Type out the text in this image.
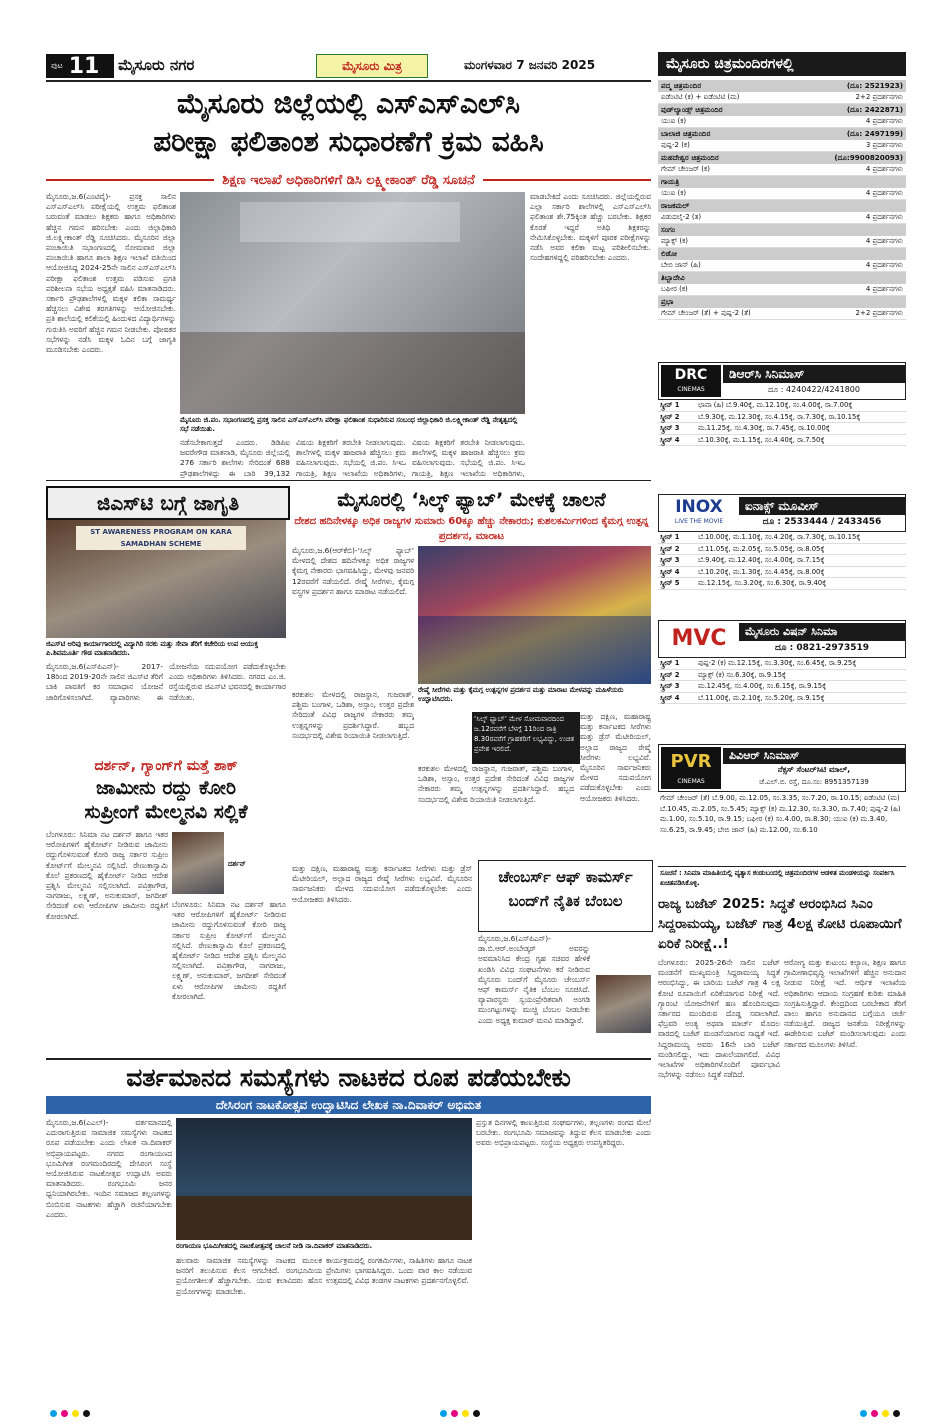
ಪುಟ 11 ಮೈಸೂರು ನಗರ	ಮೈಸೂರು ಮಿತ್ರ	ಮಂಗಳವಾರ 7 ಜನವರಿ 2025
ಮೈಸೂರು ಜಿಲ್ಲೆಯಲ್ಲಿ ಎಸ್‌ಎಸ್‌ಎಲ್‌ಸಿ
ಪರೀಕ್ಷಾ ಫಲಿತಾಂಶ ಸುಧಾರಣೆಗೆ ಕ್ರಮ ವಹಿಸಿ
ಶಿಕ್ಷಣ ಇಲಾಖೆ ಅಧಿಕಾರಿಗಳಿಗೆ ಡಿಸಿ ಲಕ್ಷ್ಮೀಕಾಂತ್ ರೆಡ್ಡಿ ಸೂಚನೆ
ಮೈಸೂರು,ಜ.6(ಎಂಟಿವೈ)- ಪ್ರಸಕ್ತ ಸಾಲಿನ ಎಸ್‌ಎಸ್‌ಎಲ್‌ಸಿ ಪರೀಕ್ಷೆಯಲ್ಲಿ ಉತ್ತಮ ಫಲಿತಾಂಶ ಬರುವಂತೆ ಮಾಡಲು ಶಿಕ್ಷಕರು ಹಾಗೂ ಅಧಿಕಾರಿಗಳು ಹೆಚ್ಚಿನ ಗಮನ ಹರಿಸಬೇಕು ಎಂದು ಜಿಲ್ಲಾಧಿಕಾರಿ ಜಿ.ಲಕ್ಷ್ಮೀಕಾಂತ್ ರೆಡ್ಡಿ ಸೂಚಿಸಿದರು. ಮೈಸೂರಿನ ಜಿಲ್ಲಾ ಪಂಚಾಯಿತಿ ಸಭಾಂಗಣದಲ್ಲಿ ಸೋಮವಾರ ಜಿಲ್ಲಾ ಪಂಚಾಯಿತಿ ಹಾಗೂ ಶಾಲಾ ಶಿಕ್ಷಣ ಇಲಾಖೆ ವತಿಯಿಂದ ಆಯೋಜಿಸಿದ್ದ 2024-25ನೇ ಸಾಲಿನ ಎಸ್‌ಎಸ್‌ಎಲ್‌ಸಿ ಪರೀಕ್ಷಾ ಫಲಿತಾಂಶ ಉತ್ತಮ ಪಡಿಸುವ ಪ್ರಗತಿ ಪರಿಶೀಲನಾ ಸಭೆಯ ಅಧ್ಯಕ್ಷತೆ ವಹಿಸಿ ಮಾತನಾಡಿದರು. ಸರ್ಕಾರಿ ಪ್ರೌಢಶಾಲೆಗಳಲ್ಲಿ ಮಕ್ಕಳ ಕಲಿಕಾ ಸಾಮರ್ಥ್ಯ ಹೆಚ್ಚಿಸಲು ವಿಶೇಷ ತರಗತಿಗಳನ್ನು ಆಯೋಜಿಸಬೇಕು. ಪ್ರತಿ ಶಾಲೆಯಲ್ಲಿ ಕಲಿಕೆಯಲ್ಲಿ ಹಿಂದುಳಿದ ವಿದ್ಯಾರ್ಥಿಗಳನ್ನು ಗುರುತಿಸಿ ಅವರಿಗೆ ಹೆಚ್ಚಿನ ಗಮನ ನೀಡಬೇಕು. ಪೋಷಕರ ಸಭೆಗಳನ್ನು ನಡೆಸಿ ಮಕ್ಕಳ ಓದಿನ ಬಗ್ಗೆ ಜಾಗೃತಿ ಮೂಡಿಸಬೇಕು ಎಂದರು.
ಮೈಸೂರು ಜಿ.ಪಂ. ಸಭಾಂಗಣದಲ್ಲಿ ಪ್ರಸಕ್ತ ಸಾಲಿನ ಎಸ್‌ಎಸ್‌ಎಲ್‌ಸಿ ಪರೀಕ್ಷಾ ಫಲಿತಾಂಶ ಸುಧಾರಿಸುವ ಸಂಬಂಧ ಜಿಲ್ಲಾಧಿಕಾರಿ ಜಿ.ಲಕ್ಷ್ಮೀಕಾಂತ್ ರೆಡ್ಡಿ ನೇತೃತ್ವದಲ್ಲಿ ಸಭೆ ನಡೆಯಿತು.
ನಡೆಸಬೇಕಾಗುತ್ತದೆ ಎಂದರು. ಡಿಡಿಪಿಐ ಜವರೇಗೌಡ ಮಾತನಾಡಿ, ಮೈಸೂರು ಜಿಲ್ಲೆಯಲ್ಲಿ 276 ಸರ್ಕಾರಿ ಶಾಲೆಗಳು ಸೇರಿದಂತೆ 688 ಪ್ರೌಢಶಾಲೆಗಳಿದ್ದು ಈ ಬಾರಿ 39,132
ವಿಷಯ ಶಿಕ್ಷಕರಿಗೆ ತರಬೇತಿ ನೀಡಲಾಗುವುದು. ಶಾಲೆಗಳಲ್ಲಿ ಮಕ್ಕಳ ಹಾಜರಾತಿ ಹೆಚ್ಚಿಸಲು ಕ್ರಮ ವಹಿಸಲಾಗುವುದು. ಸಭೆಯಲ್ಲಿ ಜಿ.ಪಂ. ಸಿಇಒ ಗಾಯತ್ರಿ, ಶಿಕ್ಷಣ ಇಲಾಖೆಯ ಅಧಿಕಾರಿಗಳು,
ಮಾಡಬೇಕಿದೆ ಎಂದು ಸೂಚಿಸಿದರು. ಜಿಲ್ಲೆಯಲ್ಲಿರುವ ಎಲ್ಲಾ ಸರ್ಕಾರಿ ಶಾಲೆಗಳಲ್ಲಿ ಎಸ್‌ಎಸ್‌ಎಲ್‌ಸಿ ಫಲಿತಾಂಶ ಶೇ.75ಕ್ಕಿಂತ ಹೆಚ್ಚು ಬರಬೇಕು. ಶಿಕ್ಷಕರ ಕೊರತೆ ಇದ್ದರೆ ಅತಿಥಿ ಶಿಕ್ಷಕರನ್ನು ನೇಮಿಸಿಕೊಳ್ಳಬೇಕು. ಮಕ್ಕಳಿಗೆ ಪೂರಕ ಪರೀಕ್ಷೆಗಳನ್ನು ನಡೆಸಿ ಅವರ ಕಲಿಕಾ ಮಟ್ಟ ಪರಿಶೀಲಿಸಬೇಕು. ಸಂದೇಹಗಳಿದ್ದಲ್ಲಿ ಪರಿಹರಿಸಬೇಕು ಎಂದರು.
ವಿಷಯ ಶಿಕ್ಷಕರಿಗೆ ತರಬೇತಿ ನೀಡಲಾಗುವುದು. ಶಾಲೆಗಳಲ್ಲಿ ಮಕ್ಕಳ ಹಾಜರಾತಿ ಹೆಚ್ಚಿಸಲು ಕ್ರಮ ವಹಿಸಲಾಗುವುದು. ಸಭೆಯಲ್ಲಿ ಜಿ.ಪಂ. ಸಿಇಒ ಗಾಯತ್ರಿ, ಶಿಕ್ಷಣ ಇಲಾಖೆಯ ಅಧಿಕಾರಿಗಳು,
ಜಿಎಸ್‌ಟಿ ಬಗ್ಗೆ ಜಾಗೃತಿ
ST AWARENESS PROGRAM ON KARA SAMADHAN SCHEME
ಜಿಎಸ್‌ಟಿ ಅರಿವು ಕಾರ್ಯಾಗಾರದಲ್ಲಿ ವಿದ್ಯಾಗಿರಿ ಸರಕು ಮತ್ತು ಸೇವಾ ತೆರಿಗೆ ಕಚೇರಿಯ ಉಪ ಆಯುಕ್ತ ಪಿ.ಶಿವಮೂರ್ತಿ ಗೌಡ ಮಾತನಾಡಿದರು.
ಮೈಸೂರು,ಜ.6(ಎಸ್‌ಪಿಎನ್)- 2017-18ರಿಂದ 2019-20ನೇ ಸಾಲಿನ ಜಿಎಸ್‌ಟಿ ತೆರಿಗೆ ಬಾಕಿ ಪಾವತಿಗೆ ಕರ ಸಮಾಧಾನ ಯೋಜನೆ ಜಾರಿಗೊಳಿಸಲಾಗಿದೆ. ವ್ಯಾಪಾರಿಗಳು ಈ ಯೋಜನೆಯ ಸದುಪಯೋಗ ಪಡೆದುಕೊಳ್ಳಬೇಕು ಎಂದು ಅಧಿಕಾರಿಗಳು ತಿಳಿಸಿದರು. ನಗರದ ಎಂ.ಜಿ. ರಸ್ತೆಯಲ್ಲಿರುವ ಜಿಎಸ್‌ಟಿ ಭವನದಲ್ಲಿ ಕಾರ್ಯಾಗಾರ ನಡೆಯಿತು.
ದರ್ಶನ್, ಗ್ಯಾಂಗ್‌ಗೆ ಮತ್ತೆ ಶಾಕ್
ಜಾಮೀನು ರದ್ದು ಕೋರಿ
ಸುಪ್ರೀಂಗೆ ಮೇಲ್ಮನವಿ ಸಲ್ಲಿಕೆ
ಬೆಂಗಳೂರು: ಸಿನಿಮಾ ನಟ ದರ್ಶನ್ ಹಾಗೂ ಇತರ ಆರೋಪಿಗಳಿಗೆ ಹೈಕೋರ್ಟ್ ನೀಡಿರುವ ಜಾಮೀನು ರದ್ದುಗೊಳಿಸುವಂತೆ ಕೋರಿ ರಾಜ್ಯ ಸರ್ಕಾರ ಸುಪ್ರೀಂ ಕೋರ್ಟ್‌ಗೆ ಮೇಲ್ಮನವಿ ಸಲ್ಲಿಸಿದೆ. ರೇಣುಕಾಸ್ವಾಮಿ ಕೊಲೆ ಪ್ರಕರಣದಲ್ಲಿ ಹೈಕೋರ್ಟ್ ನೀಡಿದ ಆದೇಶ ಪ್ರಶ್ನಿಸಿ ಮೇಲ್ಮನವಿ ಸಲ್ಲಿಸಲಾಗಿದೆ. ಪವಿತ್ರಾಗೌಡ, ನಾಗರಾಜು, ಲಕ್ಷ್ಮಣ್, ಅನುಕುಮಾರ್, ಜಗದೀಶ್ ಸೇರಿದಂತೆ ಏಳು ಆರೋಪಿಗಳ ಜಾಮೀನು ರದ್ದತಿಗೆ ಕೋರಲಾಗಿದೆ.
ದರ್ಶನ್
ಬೆಂಗಳೂರು: ಸಿನಿಮಾ ನಟ ದರ್ಶನ್ ಹಾಗೂ ಇತರ ಆರೋಪಿಗಳಿಗೆ ಹೈಕೋರ್ಟ್ ನೀಡಿರುವ ಜಾಮೀನು ರದ್ದುಗೊಳಿಸುವಂತೆ ಕೋರಿ ರಾಜ್ಯ ಸರ್ಕಾರ ಸುಪ್ರೀಂ ಕೋರ್ಟ್‌ಗೆ ಮೇಲ್ಮನವಿ ಸಲ್ಲಿಸಿದೆ. ರೇಣುಕಾಸ್ವಾಮಿ ಕೊಲೆ ಪ್ರಕರಣದಲ್ಲಿ ಹೈಕೋರ್ಟ್ ನೀಡಿದ ಆದೇಶ ಪ್ರಶ್ನಿಸಿ ಮೇಲ್ಮನವಿ ಸಲ್ಲಿಸಲಾಗಿದೆ. ಪವಿತ್ರಾಗೌಡ, ನಾಗರಾಜು, ಲಕ್ಷ್ಮಣ್, ಅನುಕುಮಾರ್, ಜಗದೀಶ್ ಸೇರಿದಂತೆ ಏಳು ಆರೋಪಿಗಳ ಜಾಮೀನು ರದ್ದತಿಗೆ ಕೋರಲಾಗಿದೆ.
ಮೈಸೂರಲ್ಲಿ ‘ಸಿಲ್ಕ್ ಫ್ಯಾಬ್’ ಮೇಳಕ್ಕೆ ಚಾಲನೆ
ದೇಶದ ಹದಿನೇಳಕ್ಕೂ ಅಧಿಕ ರಾಜ್ಯಗಳ ಸುಮಾರು 60ಕ್ಕೂ ಹೆಚ್ಚು ನೇಕಾರರು; ಕುಶಲಕರ್ಮಿಗಳಿಂದ ಕೈಮಗ್ಗ ಉತ್ಪನ್ನ ಪ್ರದರ್ಶನ, ಮಾರಾಟ
ಮೈಸೂರು,ಜ.6(ಆರ್‌ಕೆಬಿ)-‘ಸಿಲ್ಕ್ ಫ್ಯಾಬ್’ ಮೇಳದಲ್ಲಿ ದೇಶದ ಹದಿನೇಳಕ್ಕೂ ಅಧಿಕ ರಾಜ್ಯಗಳ ಕೈಮಗ್ಗ ನೇಕಾರರು ಭಾಗವಹಿಸಿದ್ದು, ಮೇಳವು ಜನವರಿ 12ರವರೆಗೆ ನಡೆಯಲಿದೆ. ರೇಷ್ಮೆ ಸೀರೆಗಳು, ಕೈಮಗ್ಗ ವಸ್ತ್ರಗಳ ಪ್ರದರ್ಶನ ಹಾಗೂ ಮಾರಾಟ ನಡೆಯಲಿದೆ.
ರೇಷ್ಮೆ ಸೀರೆಗಳು ಮತ್ತು ಕೈಮಗ್ಗ ಉತ್ಪನ್ನಗಳ ಪ್ರದರ್ಶನ ಮತ್ತು ಮಾರಾಟ ಮೇಳವನ್ನು ಮಹಿಳೆಯರು ಉದ್ಘಾಟಿಸಿದರು.
ಕರಕುಶಲ ಮೇಳದಲ್ಲಿ ರಾಜಸ್ಥಾನ, ಗುಜರಾತ್, ಪಶ್ಚಿಮ ಬಂಗಾಳ, ಒಡಿಶಾ, ಅಸ್ಸಾಂ, ಉತ್ತರ ಪ್ರದೇಶ ಸೇರಿದಂತೆ ವಿವಿಧ ರಾಜ್ಯಗಳ ನೇಕಾರರು ತಮ್ಮ ಉತ್ಪನ್ನಗಳನ್ನು ಪ್ರದರ್ಶಿಸಿದ್ದಾರೆ. ಹಬ್ಬದ ಸಂದರ್ಭದಲ್ಲಿ ವಿಶೇಷ ರಿಯಾಯಿತಿ ನೀಡಲಾಗುತ್ತಿದೆ.
‘ಸಿಲ್ಕ್ ಫ್ಯಾಬ್’ ಮೇಳ ಸೋಮವಾರದಿಂದ ಜ.12ರವರೆಗೆ ಬೆಳಗ್ಗೆ 11ರಿಂದ ರಾತ್ರಿ 8.30ರವರೆಗೆ ಗ್ರಾಹಕರಿಗೆ ಲಭ್ಯವಿದ್ದು, ಉಚಿತ ಪ್ರವೇಶ ಇರಲಿದೆ.
ಮತ್ತು ದಕ್ಷಿಣ, ಮಹಾರಾಷ್ಟ್ರ ಮತ್ತು ಕರ್ನಾಟಕದ ಸೀರೆಗಳು ಮತ್ತು ಡ್ರೆಸ್ ಮೆಟೀರಿಯಲ್, ಅಲ್ಲಾದ ರಾಜ್ಯದ ರೇಷ್ಮೆ ಸೀರೆಗಳು ಲಭ್ಯವಿವೆ. ಮೈಸೂರಿನ ಸಾರ್ವಜನಿಕರು ಮೇಳದ ಸದುಪಯೋಗ ಪಡೆದುಕೊಳ್ಳಬೇಕು ಎಂದು ಆಯೋಜಕರು ತಿಳಿಸಿದರು.
ಕರಕುಶಲ ಮೇಳದಲ್ಲಿ ರಾಜಸ್ಥಾನ, ಗುಜರಾತ್, ಪಶ್ಚಿಮ ಬಂಗಾಳ, ಒಡಿಶಾ, ಅಸ್ಸಾಂ, ಉತ್ತರ ಪ್ರದೇಶ ಸೇರಿದಂತೆ ವಿವಿಧ ರಾಜ್ಯಗಳ ನೇಕಾರರು ತಮ್ಮ ಉತ್ಪನ್ನಗಳನ್ನು ಪ್ರದರ್ಶಿಸಿದ್ದಾರೆ. ಹಬ್ಬದ ಸಂದರ್ಭದಲ್ಲಿ ವಿಶೇಷ ರಿಯಾಯಿತಿ ನೀಡಲಾಗುತ್ತಿದೆ.
ಚೇಂಬರ್ಸ್ ಆಫ್ ಕಾಮರ್ಸ್
ಬಂದ್‌ಗೆ ನೈತಿಕ ಬೆಂಬಲ
ಮತ್ತು ದಕ್ಷಿಣ, ಮಹಾರಾಷ್ಟ್ರ ಮತ್ತು ಕರ್ನಾಟಕದ ಸೀರೆಗಳು ಮತ್ತು ಡ್ರೆಸ್ ಮೆಟೀರಿಯಲ್, ಅಲ್ಲಾದ ರಾಜ್ಯದ ರೇಷ್ಮೆ ಸೀರೆಗಳು ಲಭ್ಯವಿವೆ. ಮೈಸೂರಿನ ಸಾರ್ವಜನಿಕರು ಮೇಳದ ಸದುಪಯೋಗ ಪಡೆದುಕೊಳ್ಳಬೇಕು ಎಂದು ಆಯೋಜಕರು ತಿಳಿಸಿದರು.
ಮೈಸೂರು,ಜ.6(ಎಸ್‌ಪಿಎನ್)-ಡಾ.ಬಿ.ಆರ್.ಅಂಬೇಡ್ಕರ್ ಅವರನ್ನು ಅವಮಾನಿಸಿದ ಕೇಂದ್ರ ಗೃಹ ಸಚಿವರ ಹೇಳಿಕೆ ಖಂಡಿಸಿ ವಿವಿಧ ಸಂಘಟನೆಗಳು ಕರೆ ನೀಡಿರುವ ಮೈಸೂರು ಬಂದ್‌ಗೆ ಮೈಸೂರು ಚೇಂಬರ್ಸ್ ಆಫ್ ಕಾಮರ್ಸ್ ನೈತಿಕ ಬೆಂಬಲ ಸೂಚಿಸಿದೆ. ವ್ಯಾಪಾರಸ್ಥರು ಸ್ವಯಂಪ್ರೇರಿತವಾಗಿ ಅಂಗಡಿ ಮುಂಗಟ್ಟುಗಳನ್ನು ಮುಚ್ಚಿ ಬೆಂಬಲ ನೀಡಬೇಕು ಎಂದು ಅಧ್ಯಕ್ಷ ಕುಮಾರ್ ಮನವಿ ಮಾಡಿದ್ದಾರೆ.
ವರ್ತಮಾನದ ಸಮಸ್ಯೆಗಳು ನಾಟಕದ ರೂಪ ಪಡೆಯಬೇಕು
ದೇಸಿರಂಗ ನಾಟಕೋತ್ಸವ ಉದ್ಘಾಟಿಸಿದ ಲೇಖಕ ನಾ.ದಿವಾಕರ್ ಅಭಿಮತ
ಮೈಸೂರು,ಜ.6(ಎಎಲ್)- ವರ್ತಮಾನದಲ್ಲಿ ಎದುರಾಗುತ್ತಿರುವ ಸಾಮಾಜಿಕ ಸಮಸ್ಯೆಗಳು ನಾಟಕದ ರೂಪ ಪಡೆಯಬೇಕು ಎಂದು ಲೇಖಕ ನಾ.ದಿವಾಕರ್ ಅಭಿಪ್ರಾಯಪಟ್ಟರು. ನಗರದ ರಂಗಾಯಣದ ಭೂಮಿಗೀತ ರಂಗಮಂದಿರದಲ್ಲಿ ದೇಸಿರಂಗ ಸಂಸ್ಥೆ ಆಯೋಜಿಸಿರುವ ನಾಟಕೋತ್ಸವ ಉದ್ಘಾಟಿಸಿ ಅವರು ಮಾತನಾಡಿದರು. ರಂಗಭೂಮಿ ಜನರ ಧ್ವನಿಯಾಗಿರಬೇಕು. ಇಂದಿನ ಸಮಾಜದ ತಲ್ಲಣಗಳನ್ನು ಬಿಂಬಿಸುವ ನಾಟಕಗಳು ಹೆಚ್ಚಾಗಿ ರಚನೆಯಾಗಬೇಕು ಎಂದರು.
ರಂಗಾಯಣ ಭೂಮಿಗೀತದಲ್ಲಿ ನಾಟಕೋತ್ಸವಕ್ಕೆ ಚಾಲನೆ ನೀಡಿ ನಾ.ದಿವಾಕರ್ ಮಾತನಾಡಿದರು.
ಹಲವಾರು ಸಾಮಾಜಿಕ ಸಮಸ್ಯೆಗಳನ್ನು ನಾಟಕದ ಮೂಲಕ ಜನರಿಗೆ ತಲುಪಿಸುವ ಕೆಲಸ ಆಗಬೇಕಿದೆ. ರಂಗಭೂಮಿಯ ಪ್ರಯೋಗಶೀಲತೆ ಹೆಚ್ಚಾಗಬೇಕು. ಯುವ ಕಲಾವಿದರು ಹೊಸ ಪ್ರಯೋಗಗಳನ್ನು ಮಾಡಬೇಕು.
ಕಾರ್ಯಕ್ರಮದಲ್ಲಿ ರಂಗಕರ್ಮಿಗಳು, ಸಾಹಿತಿಗಳು ಹಾಗೂ ನಾಟಕ ಪ್ರೇಮಿಗಳು ಭಾಗವಹಿಸಿದ್ದರು. ಒಂದು ವಾರ ಕಾಲ ನಡೆಯುವ ಉತ್ಸವದಲ್ಲಿ ವಿವಿಧ ತಂಡಗಳ ನಾಟಕಗಳು ಪ್ರದರ್ಶನಗೊಳ್ಳಲಿವೆ.
ಪ್ರಸ್ತುತ ದಿನಗಳಲ್ಲಿ ಕಾಣುತ್ತಿರುವ ಸಂಘರ್ಷಗಳು, ತಲ್ಲಣಗಳು ರಂಗದ ಮೇಲೆ ಬರಬೇಕು. ರಂಗಭೂಮಿ ಸಮಾಜವನ್ನು ತಿದ್ದುವ ಕೆಲಸ ಮಾಡಬೇಕು ಎಂದು ಅವರು ಅಭಿಪ್ರಾಯಪಟ್ಟರು. ಸಂಸ್ಥೆಯ ಅಧ್ಯಕ್ಷರು ಉಪಸ್ಥಿತರಿದ್ದರು.
ಮೈಸೂರು ಚಿತ್ರಮಂದಿರಗಳಲ್ಲಿ
ಪದ್ಮ ಚಿತ್ರಮಂದಿರ	(ದೂ: 2521923)
ಐಡೆಂಟಿಟಿ (ಕ) + ಐಡೆಂಟಿಟಿ (ಮ)	2+2 ಪ್ರದರ್ಶನಗಳು
ವುಡ್‌ಲ್ಯಾಂಡ್ಸ್ ಚಿತ್ರಮಂದಿರ	(ದೂ: 2422871)
ಯುಐ (ಕ)	4 ಪ್ರದರ್ಶನಗಳು
ಬಾಲಾಜಿ ಚಿತ್ರಮಂದಿರ	(ದೂ: 2497199)
ಪುಷ್ಪ-2 (ಕ)	3 ಪ್ರದರ್ಶನಗಳು
ಮಹದೇಶ್ವರ ಚಿತ್ರಮಂದಿರ	(ದೂ:9900820093)
ಗೇಮ್ ಚೇಂಜರ್ (ಕ)	4 ಪ್ರದರ್ಶನಗಳು
ಗಾಯತ್ರಿ
ಯುಐ (ಕ)	4 ಪ್ರದರ್ಶನಗಳು
ರಾಜಕಮಲ್
ವಿಡುದಲೈ-2 (ತ)	4 ಪ್ರದರ್ಶನಗಳು
ಸಂಗಂ
ಮ್ಯಾಕ್ಸ್ (ಕ)	4 ಪ್ರದರ್ಶನಗಳು
ಲಿಡೋ
ಬೇಬಿ ಜಾನ್ (ಹಿ)	4 ಪ್ರದರ್ಶನಗಳು
ತಿಬ್ಬಾದೇವಿ
ಬಘೀರ (ಕ)	4 ಪ್ರದರ್ಶನಗಳು
ಪ್ರಭಾ
ಗೇಮ್ ಚೇಂಜರ್ (ತೆ) + ಪುಷ್ಪ-2 (ತೆ)	2+2 ಪ್ರದರ್ಶನಗಳು
DRC
CINEMAS
ಡಿಆರ್‌ಸಿ ಸಿನಿಮಾಸ್
ದೂ : 4240422/4241800
ಸ್ಕ್ರೀನ್ 1	ಛಾವಾ (ಹಿ) ಬೆ.9.40ಕ್ಕೆ, ಮ.12.10ಕ್ಕೆ, ಸಂ.4.00ಕ್ಕೆ, ರಾ.7.00ಕ್ಕೆ
ಸ್ಕ್ರೀನ್ 2	ಬೆ.9.30ಕ್ಕೆ, ಮ.12.30ಕ್ಕೆ, ಸಂ.4.15ಕ್ಕೆ, ರಾ.7.30ಕ್ಕೆ, ರಾ.10.15ಕ್ಕೆ
ಸ್ಕ್ರೀನ್ 3	ಮ.11.25ಕ್ಕೆ, ಸಂ.4.30ಕ್ಕೆ, ರಾ.7.45ಕ್ಕೆ, ರಾ.10.00ಕ್ಕೆ
ಸ್ಕ್ರೀನ್ 4	ಬೆ.10.30ಕ್ಕೆ, ಮ.1.15ಕ್ಕೆ, ಸಂ.4.40ಕ್ಕೆ, ರಾ.7.50ಕ್ಕೆ
INOX
LIVE THE MOVIE
ಐನಾಕ್ಸ್ ಮೂವೀಸ್
ದೂ : 2533444 / 2433456
ಸ್ಕ್ರೀನ್ 1	ಬೆ.10.00ಕ್ಕೆ, ಮ.1.10ಕ್ಕೆ, ಸಂ.4.20ಕ್ಕೆ, ರಾ.7.30ಕ್ಕೆ, ರಾ.10.15ಕ್ಕೆ
ಸ್ಕ್ರೀನ್ 2	ಬೆ.11.05ಕ್ಕೆ, ಮ.2.05ಕ್ಕೆ, ಸಂ.5.05ಕ್ಕೆ, ರಾ.8.05ಕ್ಕೆ
ಸ್ಕ್ರೀನ್ 3	ಬೆ.9.40ಕ್ಕೆ, ಮ.12.40ಕ್ಕೆ, ಸಂ.4.00ಕ್ಕೆ, ರಾ.7.15ಕ್ಕೆ
ಸ್ಕ್ರೀನ್ 4	ಬೆ.10.20ಕ್ಕೆ, ಮ.1.30ಕ್ಕೆ, ಸಂ.4.45ಕ್ಕೆ, ರಾ.8.00ಕ್ಕೆ
ಸ್ಕ್ರೀನ್ 5	ಮ.12.15ಕ್ಕೆ, ಸಂ.3.20ಕ್ಕೆ, ಸಂ.6.30ಕ್ಕೆ, ರಾ.9.40ಕ್ಕೆ
MVC	ಮೈಸೂರು ವಿಷನ್ ಸಿನಿಮಾ
ದೂ : 0821-2973519
ಸ್ಕ್ರೀನ್ 1	ಪುಷ್ಪ-2 (ಕ) ಮ.12.15ಕ್ಕೆ, ಸಂ.3.30ಕ್ಕೆ, ಸಂ.6.45ಕ್ಕೆ, ರಾ.9.25ಕ್ಕೆ
ಸ್ಕ್ರೀನ್ 2	ಮ್ಯಾಕ್ಸ್ (ಕ) ಸಂ.6.30ಕ್ಕೆ, ರಾ.9.15ಕ್ಕೆ
ಸ್ಕ್ರೀನ್ 3	ಮ.12.45ಕ್ಕೆ, ಸಂ.4.00ಕ್ಕೆ, ಸಂ.6.15ಕ್ಕೆ, ರಾ.9.15ಕ್ಕೆ
ಸ್ಕ್ರೀನ್ 4	ಬೆ.11.00ಕ್ಕೆ, ಮ.2.10ಕ್ಕೆ, ಸಂ.5.20ಕ್ಕೆ, ರಾ.9.15ಕ್ಕೆ
PVR
CINEMAS
ಪಿವಿಆರ್ ಸಿನಿಮಾಸ್
ನೆಕ್ಸಸ್ ಸೆಂಟರ್‌ಸಿಟಿ ಮಾಲ್,
ಜೆ.ಎಲ್.ಬಿ. ರಸ್ತೆ, ದೂ.ಸಂ: 8951357139
ಗೇಮ್ ಚೇಂಜರ್ (ತೆ) ಬೆ.9.00, ಮ.12.05, ಸಂ.3.35, ಸಂ.7.20, ರಾ.10.15; ಐಡೆಂಟಿಟಿ (ಮ) ಬೆ.10.45, ಮ.2.05, ಸಂ.5.45; ಮ್ಯಾಕ್ಸ್ (ಕ) ಮ.12.30, ಸಂ.3.30, ರಾ.7.40; ಪುಷ್ಪ-2 (ಹಿ) ಮ.1.00, ಸಂ.5.10, ರಾ.9.15; ಬಘೀರ (ಕ) ಸಂ.4.00, ರಾ.8.30; ಯುಐ (ಕ) ಮ.3.40, ಸಂ.6.25, ರಾ.9.45; ಬೇಬಿ ಜಾನ್ (ಹಿ) ಮ.12.00, ಸಂ.6.10
ಸೂಚನೆ : ಸಿನಿಮಾ ಮಾಹಿತಿಯಲ್ಲಿ ವ್ಯತ್ಯಾಸ ಕಂಡುಬಂದಲ್ಲಿ ಚಿತ್ರಮಂದಿರಗಳ ಆಡಳಿತ ಮಂಡಳಿಯನ್ನು ಸಂಪರ್ಕಿಸಿ ಖಚಿತಪಡಿಸಿಕೊಳ್ಳಿ.
ರಾಜ್ಯ ಬಜೆಟ್ 2025: ಸಿದ್ಧತೆ ಆರಂಭಿಸಿದ ಸಿಎಂ ಸಿದ್ದರಾಮಯ್ಯ, ಬಜೆಟ್ ಗಾತ್ರ 4ಲಕ್ಷ ಕೋಟಿ ರೂಪಾಯಿಗೆ ಏರಿಕೆ ನಿರೀಕ್ಷೆ..!
ಬೆಂಗಳೂರು: 2025-26ನೇ ಸಾಲಿನ ಬಜೆಟ್ ಮಂಡನೆಗೆ ಮುಖ್ಯಮಂತ್ರಿ ಸಿದ್ದರಾಮಯ್ಯ ಸಿದ್ಧತೆ ಆರಂಭಿಸಿದ್ದು, ಈ ಬಾರಿಯ ಬಜೆಟ್ ಗಾತ್ರ 4 ಲಕ್ಷ ಕೋಟಿ ರೂಪಾಯಿಗೆ ಏರಿಕೆಯಾಗುವ ನಿರೀಕ್ಷೆ ಇದೆ. ಗ್ಯಾರಂಟಿ ಯೋಜನೆಗಳಿಗೆ ಹಣ ಹೊಂದಿಸುವುದು ಸರ್ಕಾರದ ಮುಂದಿರುವ ದೊಡ್ಡ ಸವಾಲಾಗಿದೆ. ಫೆಬ್ರವರಿ ಅಂತ್ಯ ಅಥವಾ ಮಾರ್ಚ್ ಮೊದಲ ವಾರದಲ್ಲಿ ಬಜೆಟ್ ಮಂಡನೆಯಾಗುವ ಸಾಧ್ಯತೆ ಇದೆ. ಸಿದ್ದರಾಮಯ್ಯ ಅವರು 16ನೇ ಬಾರಿ ಬಜೆಟ್ ಮಂಡಿಸಲಿದ್ದು, ಇದು ದಾಖಲೆಯಾಗಲಿದೆ. ವಿವಿಧ ಇಲಾಖೆಗಳ ಅಧಿಕಾರಿಗಳೊಂದಿಗೆ ಪೂರ್ವಭಾವಿ ಸಭೆಗಳನ್ನು ನಡೆಸಲು ಸಿದ್ಧತೆ ನಡೆದಿದೆ.
ಆರೋಗ್ಯ ಮತ್ತು ಕುಟುಂಬ ಕಲ್ಯಾಣ, ಶಿಕ್ಷಣ ಹಾಗೂ ಗ್ರಾಮೀಣಾಭಿವೃದ್ಧಿ ಇಲಾಖೆಗಳಿಗೆ ಹೆಚ್ಚಿನ ಅನುದಾನ ನೀಡುವ ನಿರೀಕ್ಷೆ ಇದೆ. ಆರ್ಥಿಕ ಇಲಾಖೆಯ ಅಧಿಕಾರಿಗಳು ಆದಾಯ ಸಂಗ್ರಹಣೆ ಕುರಿತು ಮಾಹಿತಿ ಸಂಗ್ರಹಿಸುತ್ತಿದ್ದಾರೆ. ಕೇಂದ್ರದಿಂದ ಬರಬೇಕಾದ ತೆರಿಗೆ ಪಾಲು ಹಾಗೂ ಅನುದಾನದ ಬಗ್ಗೆಯೂ ಚರ್ಚೆ ನಡೆಯುತ್ತಿದೆ. ರಾಜ್ಯದ ಜನತೆಯ ನಿರೀಕ್ಷೆಗಳನ್ನು ಈಡೇರಿಸುವ ಬಜೆಟ್ ಮಂಡಿಸಲಾಗುವುದು ಎಂದು ಸರ್ಕಾರದ ಮೂಲಗಳು ತಿಳಿಸಿವೆ.
